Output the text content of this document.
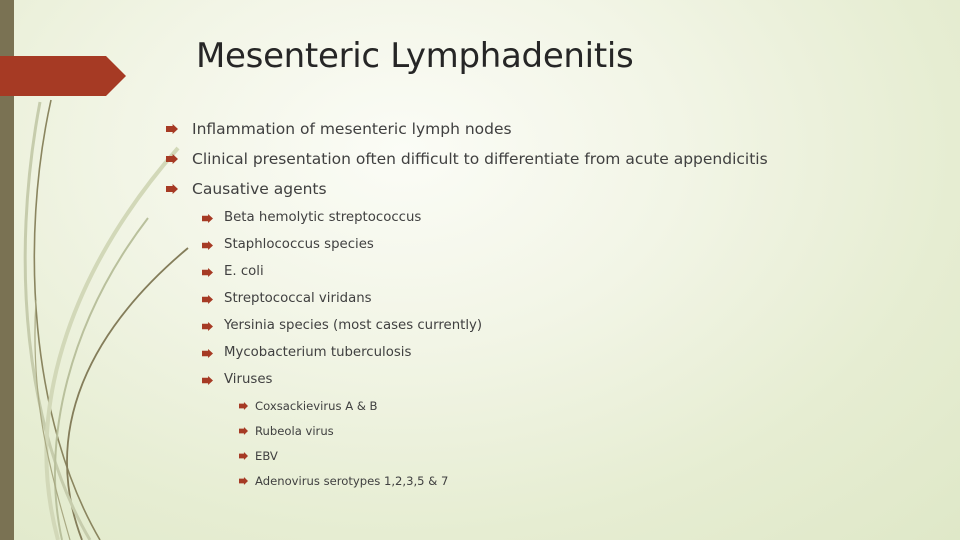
Mesenteric Lymphadenitis
Inflammation of mesenteric lymph nodes
Clinical presentation often difficult to differentiate from acute appendicitis
Causative agents
Beta hemolytic streptococcus
Staphlococcus species
E. coli
Streptococcal viridans
Yersinia species (most cases currently)
Mycobacterium tuberculosis
Viruses
Coxsackievirus A & B
Rubeola virus
EBV
Adenovirus serotypes 1,2,3,5 & 7
